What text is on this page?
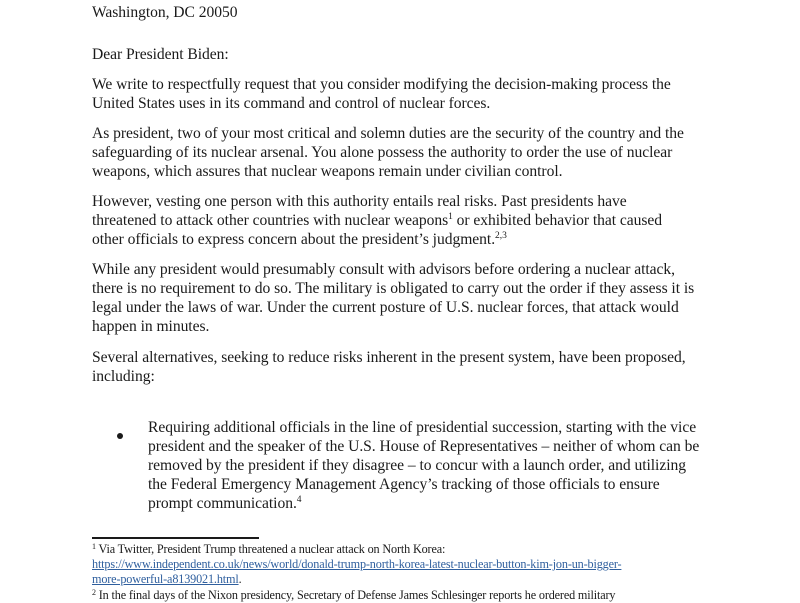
Washington, DC 20050
Dear President Biden:
We write to respectfully request that you consider modifying the decision-making process the
United States uses in its command and control of nuclear forces.
As president, two of your most critical and solemn duties are the security of the country and the
safeguarding of its nuclear arsenal. You alone possess the authority to order the use of nuclear
weapons, which assures that nuclear weapons remain under civilian control.
However, vesting one person with this authority entails real risks. Past presidents have
threatened to attack other countries with nuclear weapons$^1$ or exhibited behavior that caused
other officials to express concern about the president’s judgment.$^{2,3}$
While any president would presumably consult with advisors before ordering a nuclear attack,
there is no requirement to do so. The military is obligated to carry out the order if they assess it is
legal under the laws of war. Under the current posture of U.S. nuclear forces, that attack would
happen in minutes.
Several alternatives, seeking to reduce risks inherent in the present system, have been proposed,
including:
Requiring additional officials in the line of presidential succession, starting with the vice
president and the speaker of the U.S. House of Representatives – neither of whom can be
removed by the president if they disagree – to concur with a launch order, and utilizing
the Federal Emergency Management Agency’s tracking of those officials to ensure
prompt communication.$^4$
$^1$ Via Twitter, President Trump threatened a nuclear attack on North Korea:
https://www.independent.co.uk/news/world/donald-trump-north-korea-latest-nuclear-button-kim-jon-un-bigger-
more-powerful-a8139021.html.
$^2$ In the final days of the Nixon presidency, Secretary of Defense James Schlesinger reports he ordered military
